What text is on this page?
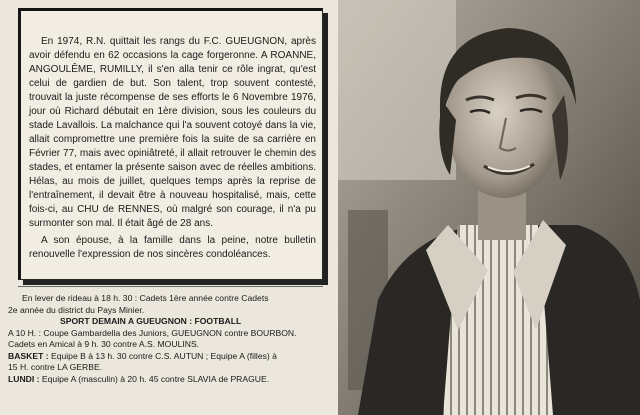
En 1974, R.N. quittait les rangs du F.C. GUEUGNON, après avoir défendu en 62 occasions la cage forgeronne. A ROANNE, ANGOULÊME, RUMILLY, il s'en alla tenir ce rôle ingrat, qu'est celui de gardien de but. Son talent, trop souvent contesté, trouvait la juste récompense de ses efforts le 6 Novembre 1976, jour où Richard débutait en 1ère division, sous les couleurs du stade Lavallois. La malchance qui l'a souvent cotoyé dans la vie, allait compromettre une première fois la suite de sa carrière en Février 77, mais avec opiniâtreté, il allait retrouver le chemin des stades, et entamer la présente saison avec de réelles ambitions. Hélas, au mois de juillet, quelques temps après la reprise de l'entraînement, il devait être à nouveau hospitalisé, mais, cette fois-ci, au CHU de RENNES, où malgré son courage, il n'a pu surmonter son mal. Il était âgé de 28 ans.

A son épouse, à la famille dans la peine, notre bulletin renouvelle l'expression de nos sincères condoléances.

En lever de rideau à 18 h. 30 : Cadets 1ère année contre Cadets
2e année du district du Pays Minier.
SPORT DEMAIN A GUEUGNON : FOOTBALL
A 10 H. : Coupe Gambardella des Juniors, GUEUGNON contre BOURBON.
Cadets en Amical à 9 h. 30 contre A.S. MOULINS.
BASKET : Equipe B à 13 h. 30 contre C.S. AUTUN ; Equipe A (filles) à
15 H. contre LA GERBE.
LUNDI : Equipe A (masculin) à 20 h. 45 contre SLAVIA de PRAGUE.
